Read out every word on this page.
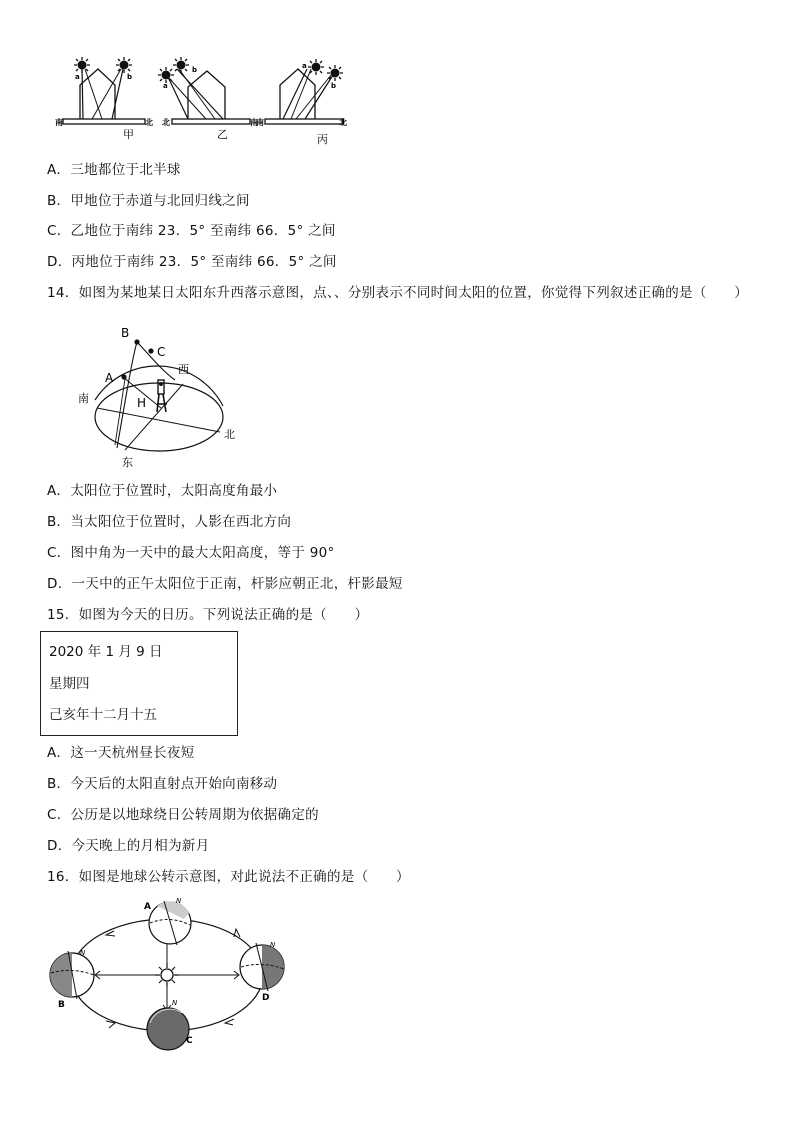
a	b
南	北
甲
a
b
南
北
乙
a
b
南	北
丙
A．三地都位于北半球
B．甲地位于赤道与北回归线之间
C．乙地位于南纬 23．5° 至南纬 66．5° 之间
D．丙地位于南纬 23．5° 至南纬 66．5° 之间
14．如图为某地某日太阳东升西落示意图，点、、分别表示不同时间太阳的位置，你觉得下列叙述正确的是（　　）
B
C
A
H
南
西
北
东
A．太阳位于位置时，太阳高度角最小
B．当太阳位于位置时，人影在西北方向
C．图中角为一天中的最大太阳高度，等于 90°
D．一天中的正午太阳位于正南，杆影应朝正北，杆影最短
15．如图为今天的日历。下列说法正确的是（　　）
2020 年 1 月 9 日
星期四
己亥年十二月十五
A．这一天杭州昼长夜短
B．今天后的太阳直射点开始向南移动
C．公历是以地球绕日公转周期为依据确定的
D．今天晚上的月相为新月
16．如图是地球公转示意图，对此说法不正确的是（　　）
N
N
N
N
A
B
C
D
